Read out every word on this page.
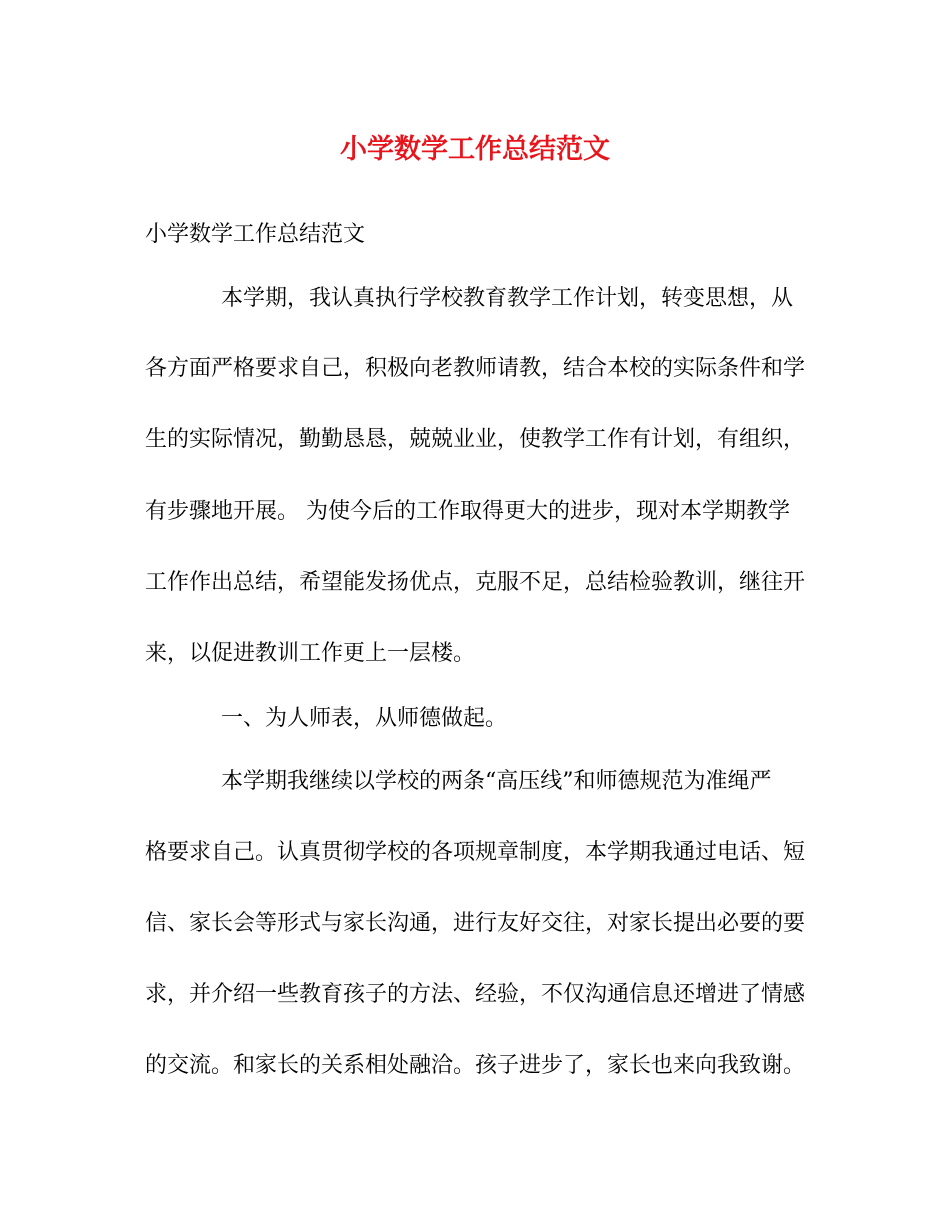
小学数学工作总结范文
小学数学工作总结范文
本学期，我认真执行学校教育教学工作计划，转变思想，从
各方面严格要求自己，积极向老教师请教，结合本校的实际条件和学
生的实际情况，勤勤恳恳，兢兢业业，使教学工作有计划，有组织，
有步骤地开展。 为使今后的工作取得更大的进步，现对本学期教学
工作作出总结，希望能发扬优点，克服不足，总结检验教训，继往开
来，以促进教训工作更上一层楼。
一、为人师表，从师德做起。
本学期我继续以学校的两条“高压线”和师德规范为准绳严
格要求自己。认真贯彻学校的各项规章制度，本学期我通过电话、短
信、家长会等形式与家长沟通，进行友好交往，对家长提出必要的要
求，并介绍一些教育孩子的方法、经验，不仅沟通信息还增进了情感
的交流。和家长的关系相处融洽。孩子进步了，家长也来向我致谢。
